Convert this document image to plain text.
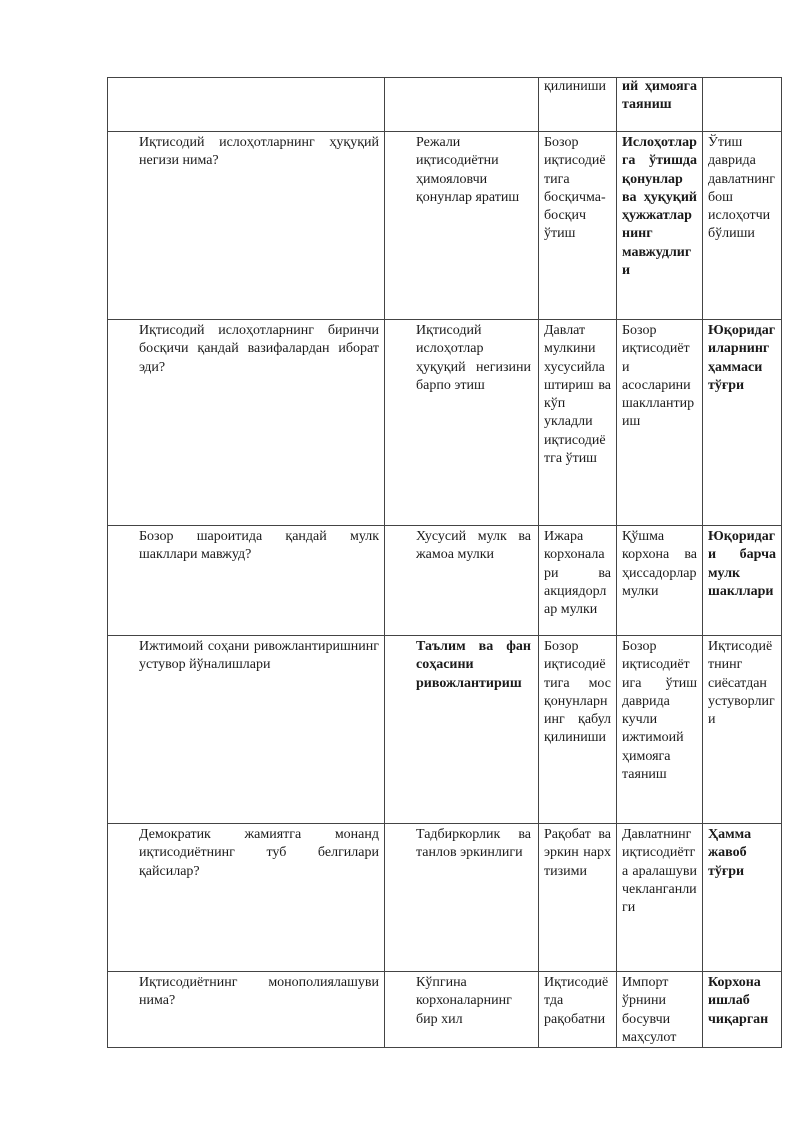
		қилиниши	ий ҳимояга таяниш	
Иқтисодий ислоҳотларнинг ҳуқуқий негизи нима?	Режали иқтисодиётни ҳимояловчи қонунлар яратиш	Бозор иқтисодиётига босқичма-босқич ўтиш	Ислоҳотларга ўтишда қонунлар ва ҳуқуқий ҳужжатларнинг мавжудлиги	Ўтиш даврида давлатнинг бош ислоҳотчи бўлиши
Иқтисодий ислоҳотларнинг биринчи босқичи қандай вазифалардан иборат эди?	Иқтисодий ислоҳотлар ҳуқуқий негизини барпо этиш	Давлат мулкини хусусийлаштириш ва кўп укладли иқтисодиётга ўтиш	Бозор иқтисодиёти асосларини шакллантириш	Юқоридагиларнинг ҳаммаси тўғри
Бозор шароитида қандай мулк шакллари мавжуд?	Хусусий мулк ва жамоа мулки	Ижара корхоналари ва акциядорлар мулки	Қўшма корхона ва ҳиссадорлар мулки	Юқоридаги барча мулк шакллари
Ижтимоий соҳани ривожлантиришнинг устувор йўналишлари	Таълим ва фан соҳасини ривожлантириш	Бозор иқтисодиётига мос қонунларнинг қабул қилиниши	Бозор иқтисодиётига ўтиш даврида кучли ижтимоий ҳимояга таяниш	Иқтисодиётнинг сиёсатдан устуворлиги
Демократик жамиятга монанд иқтисодиётнинг туб белгилари қайсилар?	Тадбиркорлик ва танлов эркинлиги	Рақобат ва эркин нарх тизими	Давлатнинг иқтисодиётга аралашуви чекланганлиги	Ҳамма жавоб тўғри
Иқтисодиётнинг монополиялашуви нима?	Кўпгина корхоналарнинг бир хил	Иқтисодиётда рақобатни	Импорт ўрнини босувчи маҳсулот	Корхона ишлаб чиқарган
